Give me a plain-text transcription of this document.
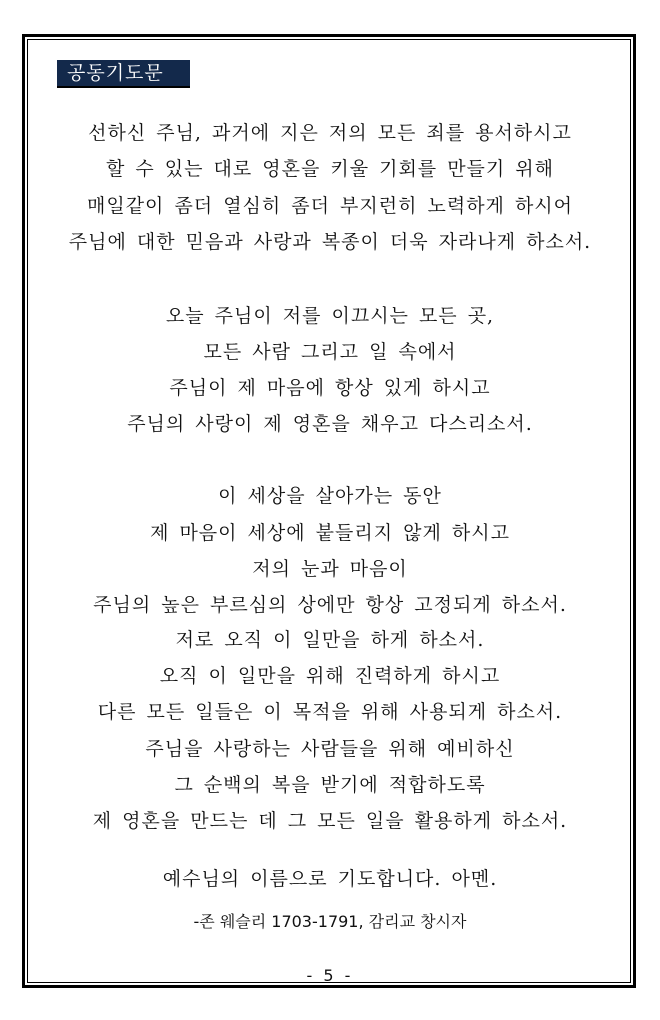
공동기도문
선하신 주님, 과거에 지은 저의 모든 죄를 용서하시고
할 수 있는 대로 영혼을 키울 기회를 만들기 위해
매일같이 좀더 열심히 좀더 부지런히 노력하게 하시어
주님에 대한 믿음과 사랑과 복종이 더욱 자라나게 하소서.
오늘 주님이 저를 이끄시는 모든 곳,
모든 사람 그리고 일 속에서
주님이 제 마음에 항상 있게 하시고
주님의 사랑이 제 영혼을 채우고 다스리소서.
이 세상을 살아가는 동안
제 마음이 세상에 붙들리지 않게 하시고
저의 눈과 마음이
주님의 높은 부르심의 상에만 항상 고정되게 하소서.
저로 오직 이 일만을 하게 하소서.
오직 이 일만을 위해 진력하게 하시고
다른 모든 일들은 이 목적을 위해 사용되게 하소서.
주님을 사랑하는 사람들을 위해 예비하신
그 순백의 복을 받기에 적합하도록
제 영혼을 만드는 데 그 모든 일을 활용하게 하소서.
예수님의 이름으로 기도합니다. 아멘.
-존 웨슬리 1703-1791, 감리교 창시자
- 5 -
